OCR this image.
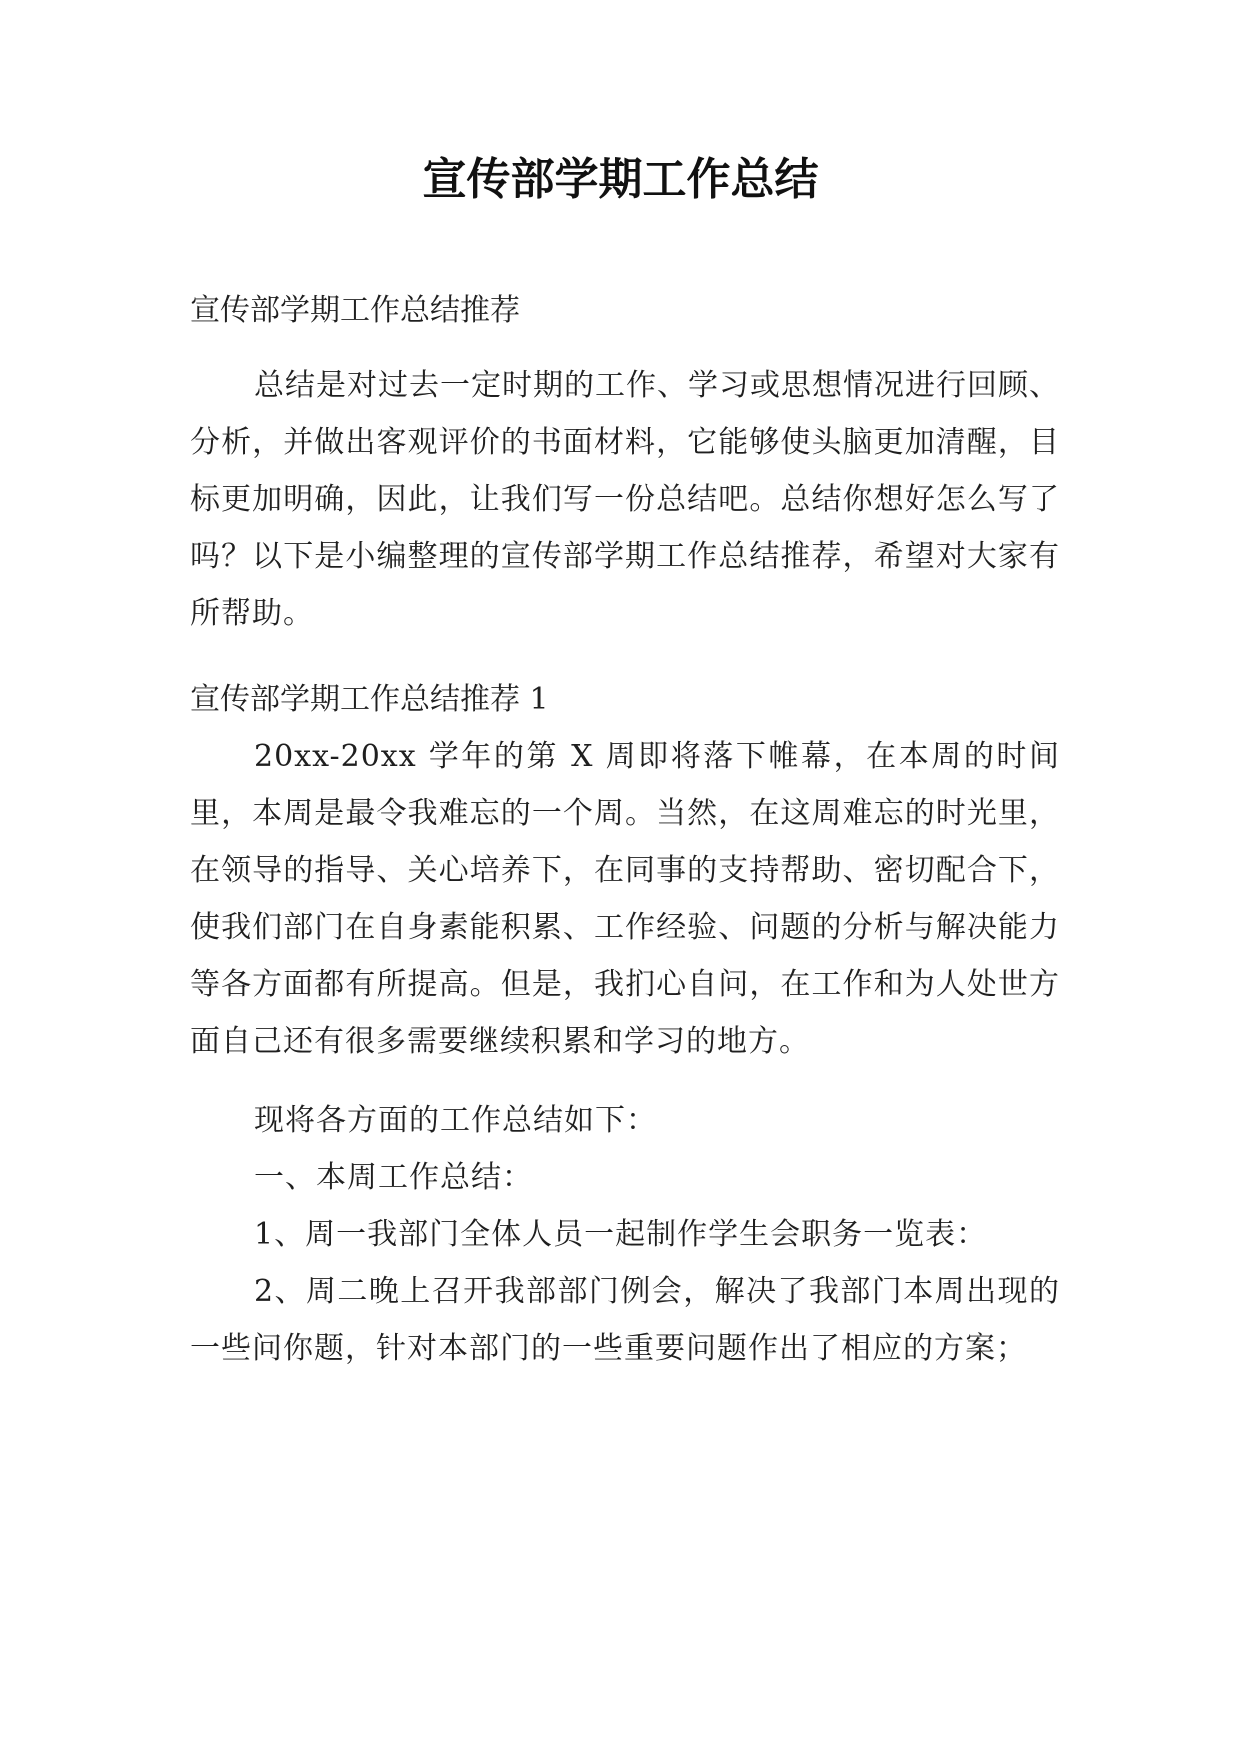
宣传部学期工作总结

宣传部学期工作总结推荐

总结是对过去一定时期的工作、学习或思想情况进行回顾、分析，并做出客观评价的书面材料，它能够使头脑更加清醒，目标更加明确，因此，让我们写一份总结吧。总结你想好怎么写了吗？以下是小编整理的宣传部学期工作总结推荐，希望对大家有所帮助。

宣传部学期工作总结推荐 1

20xx-20xx 学年的第 X 周即将落下帷幕，在本周的时间里，本周是最令我难忘的一个周。当然，在这周难忘的时光里，在领导的指导、关心培养下，在同事的支持帮助、密切配合下，使我们部门在自身素能积累、工作经验、问题的分析与解决能力等各方面都有所提高。但是，我扪心自问，在工作和为人处世方面自己还有很多需要继续积累和学习的地方。

现将各方面的工作总结如下：

一、本周工作总结：

1、周一我部门全体人员一起制作学生会职务一览表：

2、周二晚上召开我部部门例会，解决了我部门本周出现的一些问你题，针对本部门的一些重要问题作出了相应的方案；
